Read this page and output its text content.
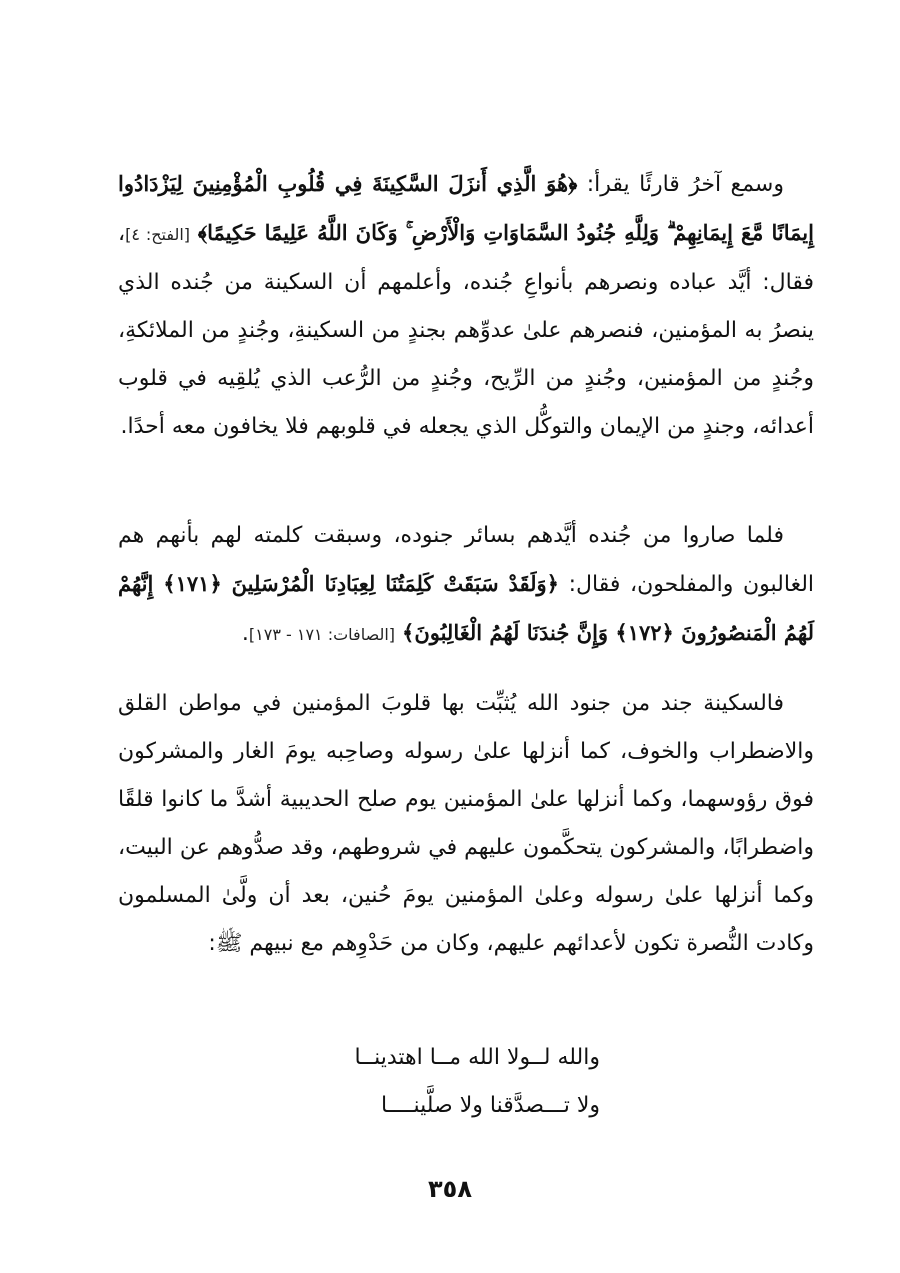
وسمع آخرُ قارئًا يقرأ: ﴿هُوَ الَّذِي أَنزَلَ السَّكِينَةَ فِي قُلُوبِ الْمُؤْمِنِينَ لِيَزْدَادُوا إِيمَانًا مَّعَ إِيمَانِهِمْ ۗ وَلِلَّهِ جُنُودُ السَّمَاوَاتِ وَالْأَرْضِ ۚ وَكَانَ اللَّهُ عَلِيمًا حَكِيمًا﴾ [الفتح: ٤]، فقال: أيَّد عباده ونصرهم بأنواعِ جُنده، وأعلمهم أن السكينة من جُنده الذي ينصرُ به المؤمنين، فنصرهم علىٰ عدوِّهم بجندٍ من السكينةِ، وجُندٍ من الملائكةِ، وجُندٍ من المؤمنين، وجُندٍ من الرِّيح، وجُندٍ من الرُّعب الذي يُلقِيه في قلوب أعدائه، وجندٍ من الإيمان والتوكُّل الذي يجعله في قلوبهم فلا يخافون معه أحدًا.

فلما صاروا من جُنده أيَّدهم بسائر جنوده، وسبقت كلمته لهم بأنهم هم الغالبون والمفلحون، فقال: ﴿وَلَقَدْ سَبَقَتْ كَلِمَتُنَا لِعِبَادِنَا الْمُرْسَلِينَ ﴿١٧١﴾ إِنَّهُمْ لَهُمُ الْمَنصُورُونَ ﴿١٧٢﴾ وَإِنَّ جُندَنَا لَهُمُ الْغَالِبُونَ﴾ [الصافات: ١٧١ - ١٧٣].

فالسكينة جند من جنود الله يُثبِّت بها قلوبَ المؤمنين في مواطن القلق والاضطراب والخوف، كما أنزلها علىٰ رسوله وصاحِبه يومَ الغار والمشركون فوق رؤوسهما، وكما أنزلها علىٰ المؤمنين يوم صلح الحديبية أشدَّ ما كانوا قلقًا واضطرابًا، والمشركون يتحكَّمون عليهم في شروطهم، وقد صدُّوهم عن البيت، وكما أنزلها علىٰ رسوله وعلىٰ المؤمنين يومَ حُنين، بعد أن ولَّىٰ المسلمون وكادت النُّصرة تكون لأعدائهم عليهم، وكان من حَدْوِهم مع نبيهم ﷺ:

والله لــولا الله مــا اهتدينــا
ولا تـــصدَّقنا ولا صلَّينــــا
٣٥٨
